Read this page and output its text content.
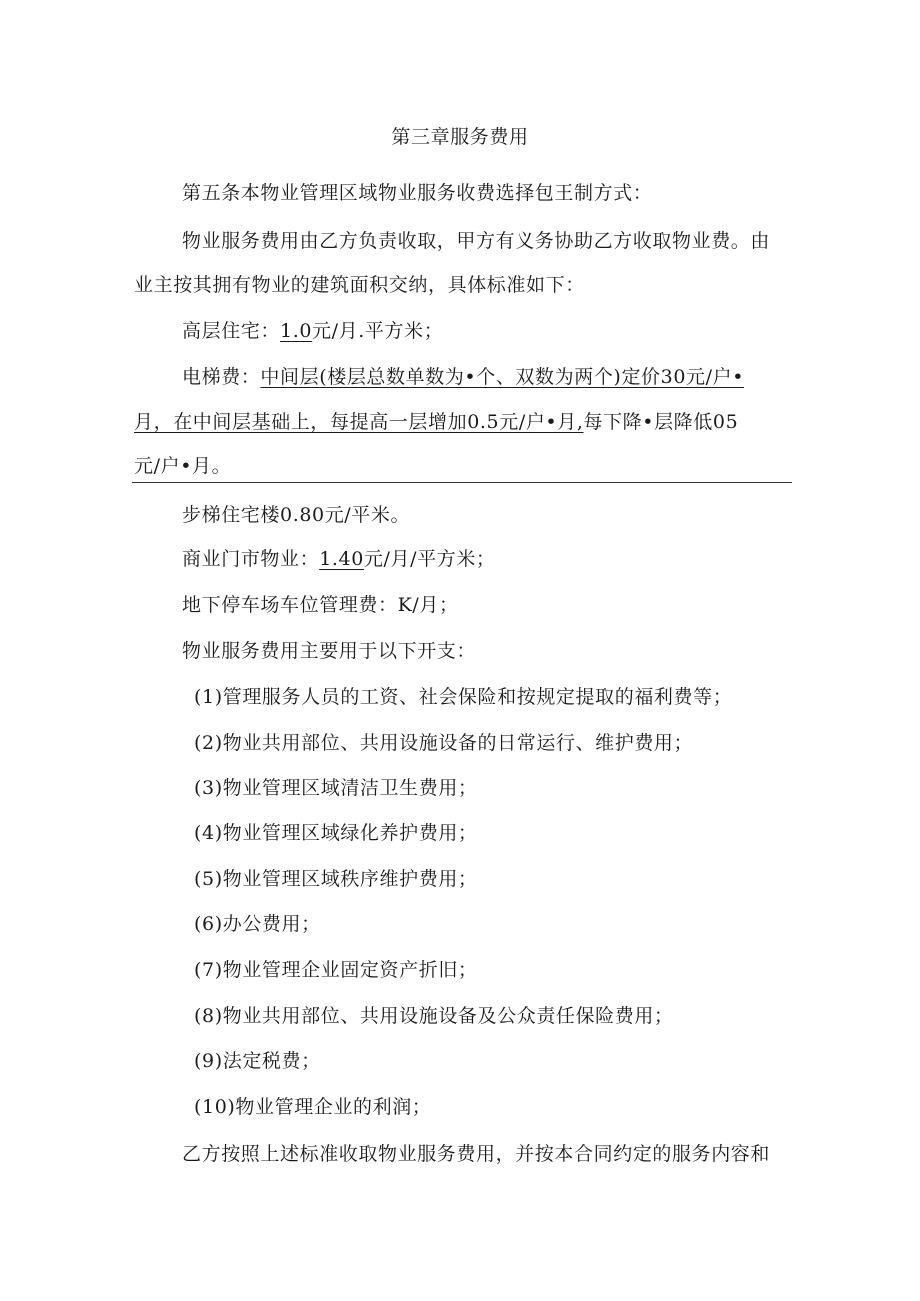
第三章服务费用
第五条本物业管理区域物业服务收费选择包王制方式：
物业服务费用由乙方负责收取，甲方有义务协助乙方收取物业费。由
业主按其拥有物业的建筑面积交纳，具体标准如下：
高层住宅：1.0元/月.平方米；
电梯费：中间层(楼层总数单数为•个、双数为两个)定价30元/户•
月，在中间层基础上，每提高一层增加0.5元/户•月,每下降•层降低05
元/户•月。
步梯住宅楼0.80元/平米。
商业门市物业：1.40元/月/平方米；
地下停车场车位管理费：K/月；
物业服务费用主要用于以下开支：
(1)管理服务人员的工资、社会保险和按规定提取的福利费等；
(2)物业共用部位、共用设施设备的日常运行、维护费用；
(3)物业管理区域清洁卫生费用；
(4)物业管理区域绿化养护费用；
(5)物业管理区域秩序维护费用；
(6)办公费用；
(7)物业管理企业固定资产折旧；
(8)物业共用部位、共用设施设备及公众责任保险费用；
(9)法定税费；
(10)物业管理企业的利润；
乙方按照上述标准收取物业服务费用，并按本合同约定的服务内容和
